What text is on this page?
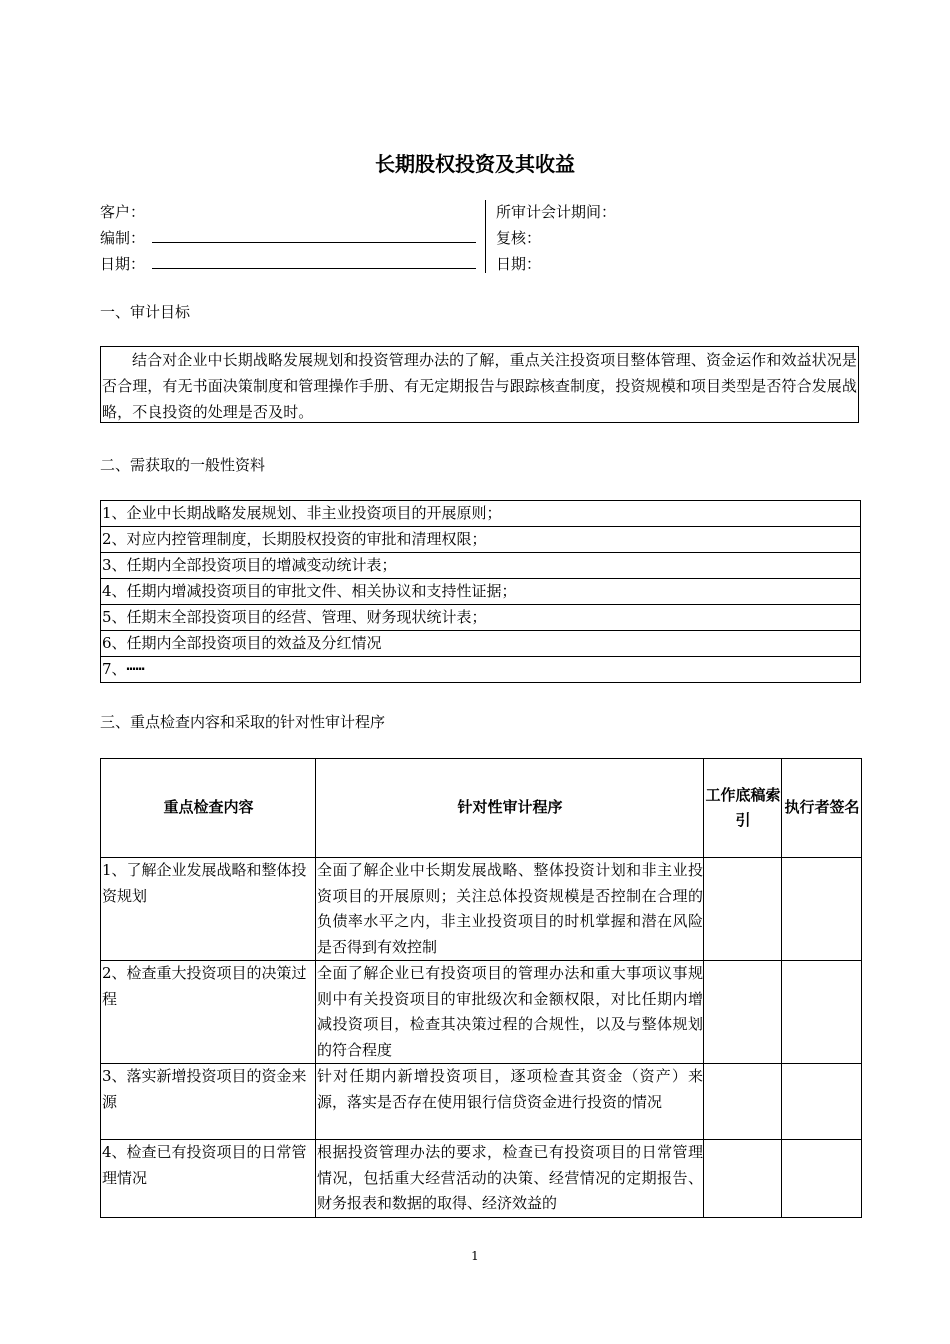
长期股权投资及其收益
客户：
编制：
日期：
所审计会计期间：
复核：
日期：
一、审计目标

结合对企业中长期战略发展规划和投资管理办法的了解，重点关注投资项目整体管理、资金运作和效益状况是否合理，有无书面决策制度和管理操作手册、有无定期报告与跟踪核查制度，投资规模和项目类型是否符合发展战略，不良投资的处理是否及时。

二、需获取的一般性资料
1、企业中长期战略发展规划、非主业投资项目的开展原则；
2、对应内控管理制度，长期股权投资的审批和清理权限；
3、任期内全部投资项目的增减变动统计表；
4、任期内增减投资项目的审批文件、相关协议和支持性证据；
5、任期末全部投资项目的经营、管理、财务现状统计表；
6、任期内全部投资项目的效益及分红情况
7、┅┅
三、重点检查内容和采取的针对性审计程序
重点检查内容	针对性审计程序	工作底稿索引	执行者签名
1、了解企业发展战略和整体投资规划	全面了解企业中长期发展战略、整体投资计划和非主业投资项目的开展原则；关注总体投资规模是否控制在合理的负债率水平之内，非主业投资项目的时机掌握和潜在风险是否得到有效控制		
2、检查重大投资项目的决策过程	全面了解企业已有投资项目的管理办法和重大事项议事规则中有关投资项目的审批级次和金额权限，对比任期内增减投资项目，检查其决策过程的合规性，以及与整体规划的符合程度		
3、落实新增投资项目的资金来源	针对任期内新增投资项目，逐项检查其资金（资产）来源，落实是否存在使用银行信贷资金进行投资的情况		
4、检查已有投资项目的日常管理情况	根据投资管理办法的要求，检查已有投资项目的日常管理情况，包括重大经营活动的决策、经营情况的定期报告、财务报表和数据的取得、经济效益的		
1
